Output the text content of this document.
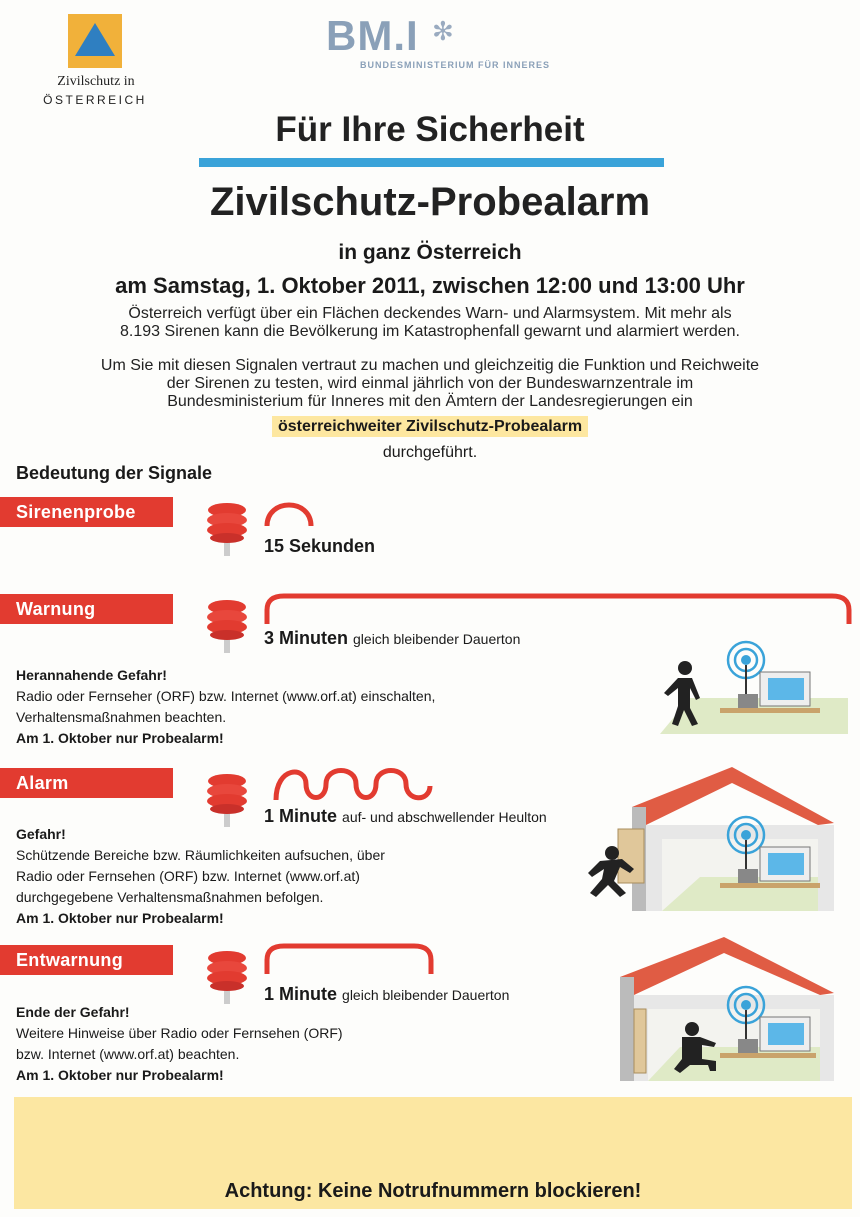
Zivilschutz in
ÖSTERREICH
BM.I ✻
BUNDESMINISTERIUM FÜR INNERES
Für Ihre Sicherheit
Zivilschutz-Probealarm
in ganz Österreich
am Samstag, 1. Oktober 2011, zwischen 12:00 und 13:00 Uhr
Österreich verfügt über ein Flächen deckendes Warn- und Alarmsystem. Mit mehr als
8.193 Sirenen kann die Bevölkerung im Katastrophenfall gewarnt und alarmiert werden.
Um Sie mit diesen Signalen vertraut zu machen und gleichzeitig die Funktion und Reichweite
der Sirenen zu testen, wird einmal jährlich von der Bundeswarnzentrale im
Bundesministerium für Inneres mit den Ämtern der Landesregierungen ein
österreichweiter Zivilschutz-Probealarm
durchgeführt.
Bedeutung der Signale
Sirenenprobe
15 Sekunden
Warnung
3 Minuten gleich bleibender Dauerton
Herannahende Gefahr!
Radio oder Fernseher (ORF) bzw. Internet (www.orf.at) einschalten,
Verhaltensmaßnahmen beachten.
Am 1. Oktober nur Probealarm!
Alarm
1 Minute auf- und abschwellender Heulton
Gefahr!
Schützende Bereiche bzw. Räumlichkeiten aufsuchen, über
Radio oder Fernsehen (ORF) bzw. Internet (www.orf.at)
durchgegebene Verhaltensmaßnahmen befolgen.
Am 1. Oktober nur Probealarm!
Entwarnung
1 Minute gleich bleibender Dauerton
Ende der Gefahr!
Weitere Hinweise über Radio oder Fernsehen (ORF)
bzw. Internet (www.orf.at) beachten.
Am 1. Oktober nur Probealarm!
Achtung: Keine Notrufnummern blockieren!
